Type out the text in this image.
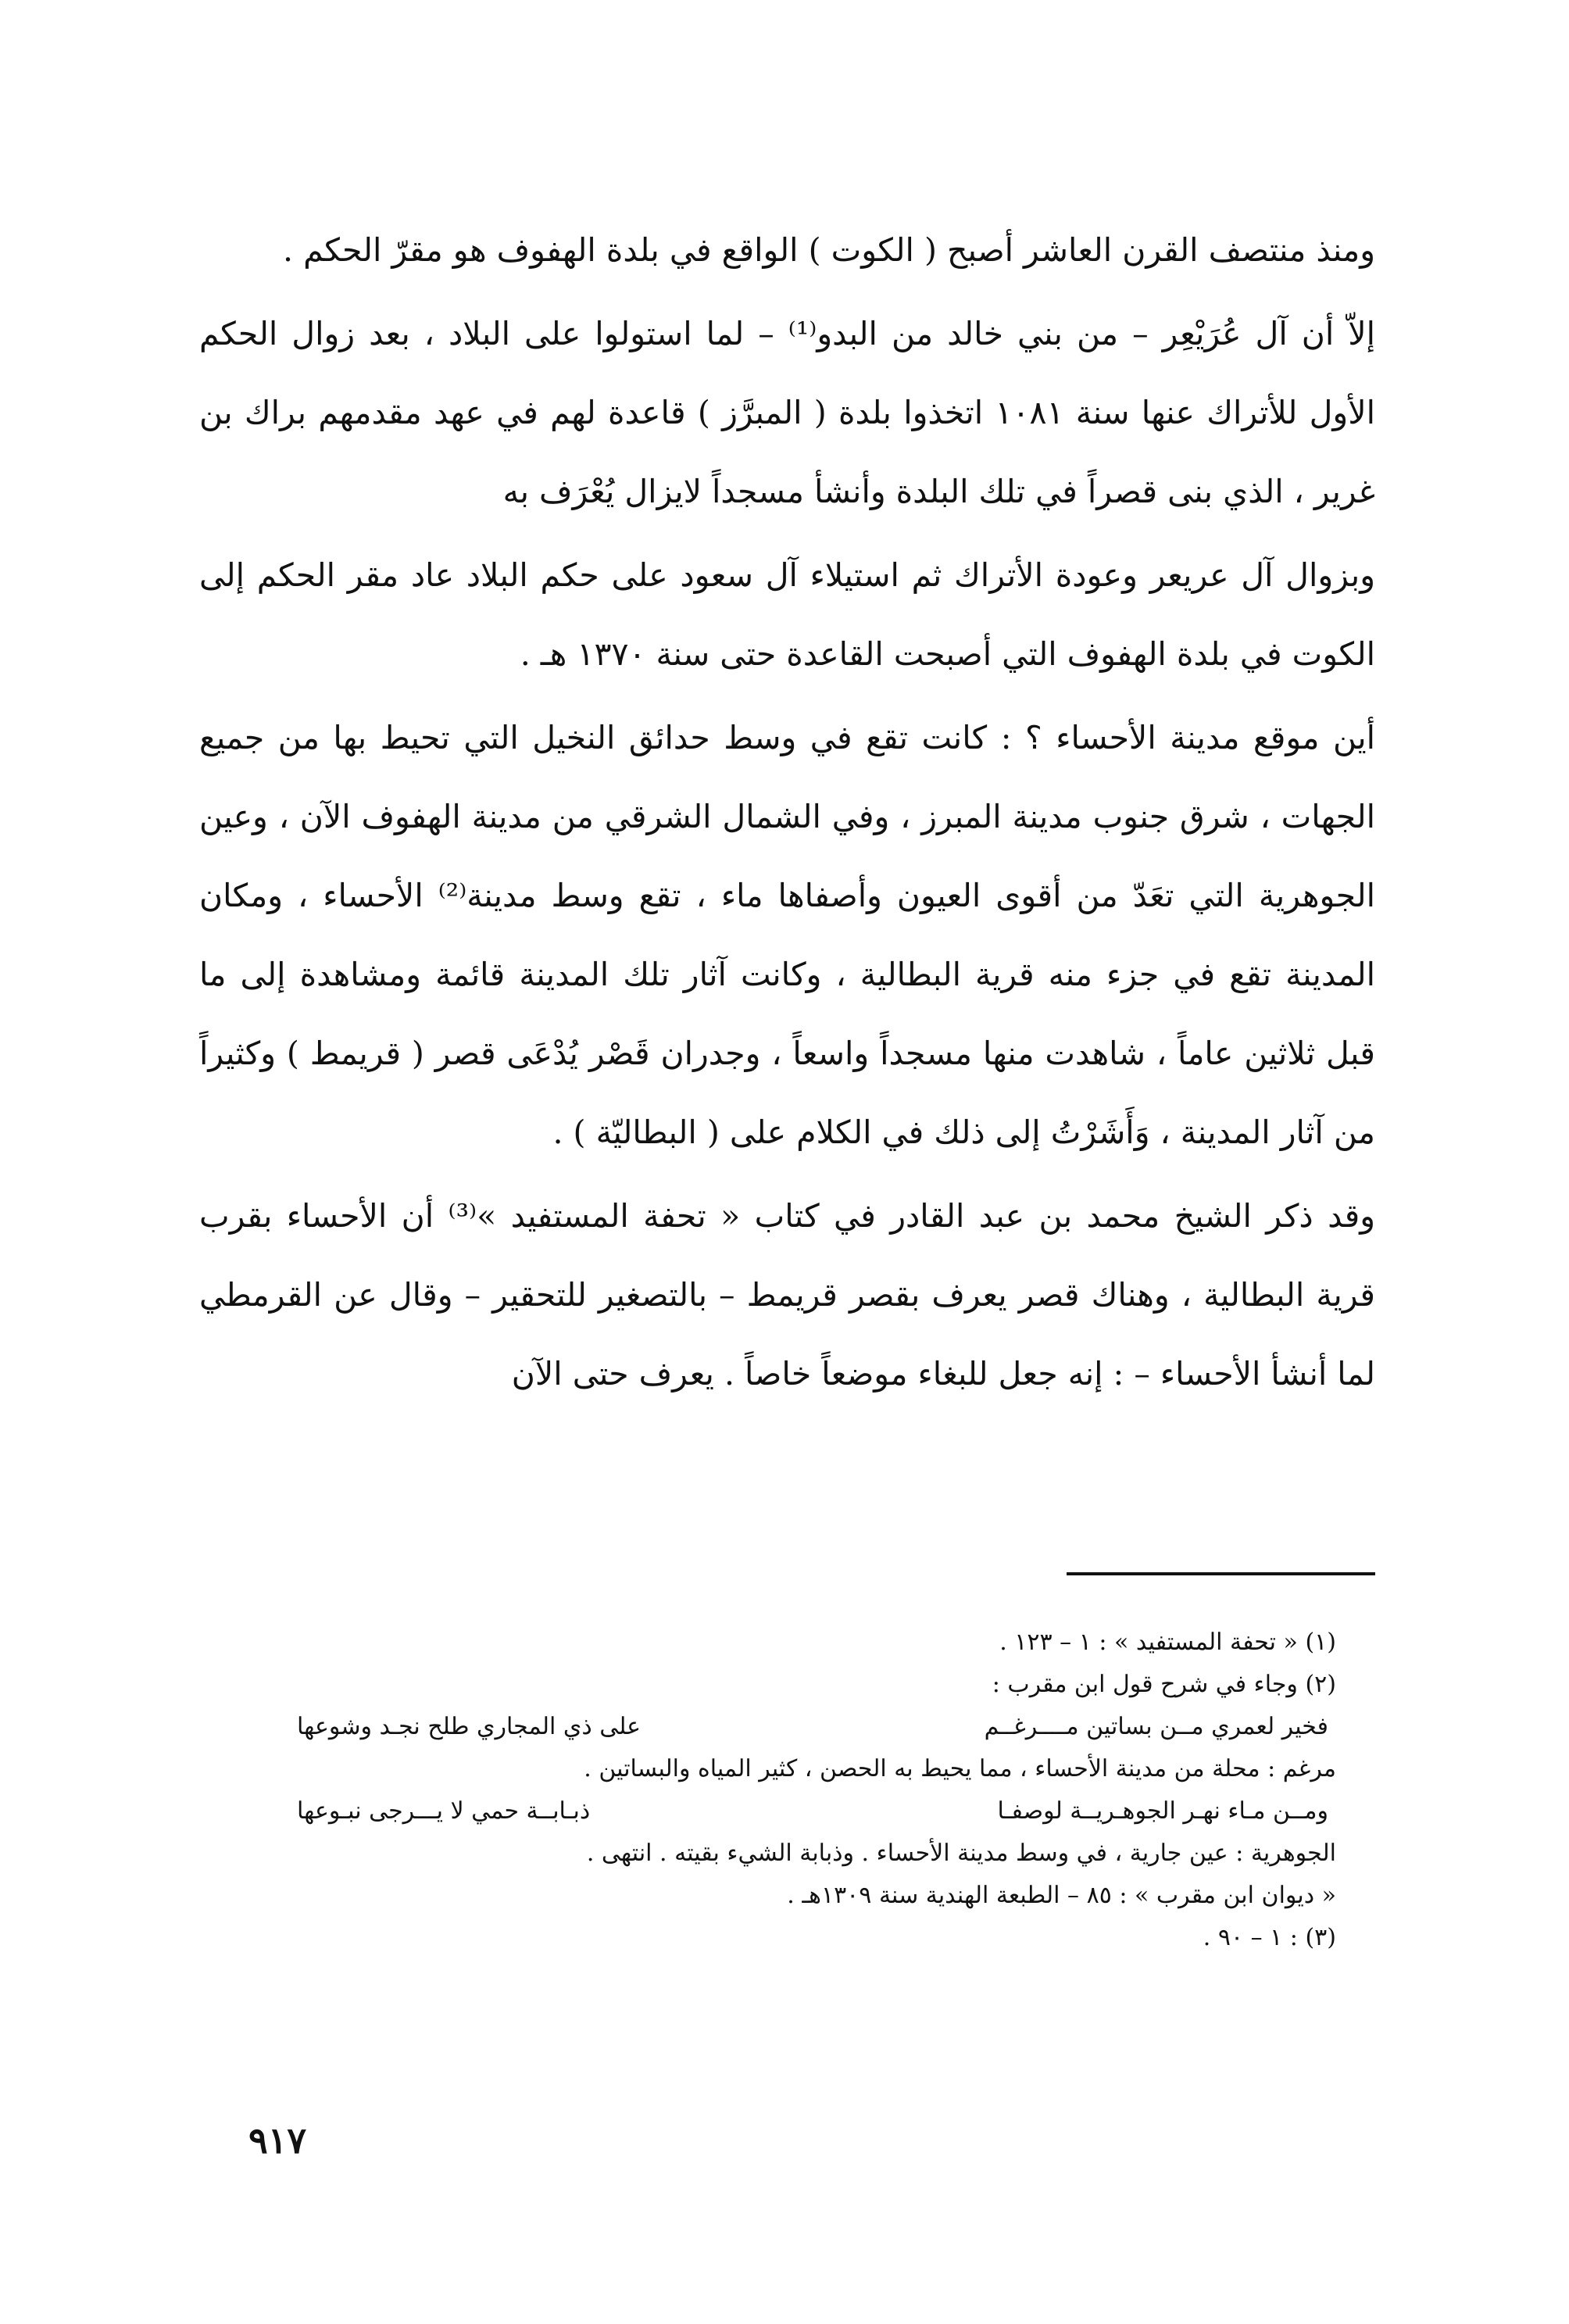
ومنذ منتصف القرن العاشر أصبح ( الكوت ) الواقع في بلدة الهفوف هو مقرّ الحكم .

إلاّ أن آل عُرَيْعِر – من بني خالد من البدو⁽¹⁾ – لما استولوا على البلاد ، بعد زوال الحكم الأول للأتراك عنها سنة ١٠٨١ اتخذوا بلدة ( المبرَّز ) قاعدة لهم في عهد مقدمهم براك بن غرير ، الذي بنى قصراً في تلك البلدة وأنشأ مسجداً لايزال يُعْرَف به

وبزوال آل عريعر وعودة الأتراك ثم استيلاء آل سعود على حكم البلاد عاد مقر الحكم إلى الكوت في بلدة الهفوف التي أصبحت القاعدة حتى سنة ١٣٧٠ هـ .

أين موقع مدينة الأحساء ؟ : كانت تقع في وسط حدائق النخيل التي تحيط بها من جميع الجهات ، شرق جنوب مدينة المبرز ، وفي الشمال الشرقي من مدينة الهفوف الآن ، وعين الجوهرية التي تعَدّ من أقوى العيون وأصفاها ماء ، تقع وسط مدينة⁽²⁾ الأحساء ، ومكان المدينة تقع في جزء منه قرية البطالية ، وكانت آثار تلك المدينة قائمة ومشاهدة إلى ما قبل ثلاثين عاماً ، شاهدت منها مسجداً واسعاً ، وجدران قَصْر يُدْعَى قصر ( قريمط ) وكثيراً من آثار المدينة ، وَأَشَرْتُ إلى ذلك في الكلام على ( البطاليّة ) .

وقد ذكر الشيخ محمد بن عبد القادر في كتاب « تحفة المستفيد »⁽³⁾ أن الأحساء بقرب قرية البطالية ، وهناك قصر يعرف بقصر قريمط – بالتصغير للتحقير – وقال عن القرمطي لما أنشأ الأحساء – : إنه جعل للبغاء موضعاً خاصاً . يعرف حتى الآن

(١) « تحفة المستفيد » : ١ – ١٢٣ .

(٢) وجاء في شرح قول ابن مقرب :

فخير لعمري مــن بساتين مــــرغــم
على ذي المجاري طلح نجـد وشوعها

مرغم : محلة من مدينة الأحساء ، مما يحيط به الحصن ، كثير المياه والبساتين .

ومــن مـاء نهـر الجوهـريــة لوصفـا
ذبـابــة حمي لا يـــرجى نبـوعها

الجوهرية : عين جارية ، في وسط مدينة الأحساء . وذبابة الشيء بقيته . انتهى .

« ديوان ابن مقرب » : ٨٥ – الطبعة الهندية سنة ١٣٠٩هـ .

(٣) : ١ – ٩٠ .

٩١٧
